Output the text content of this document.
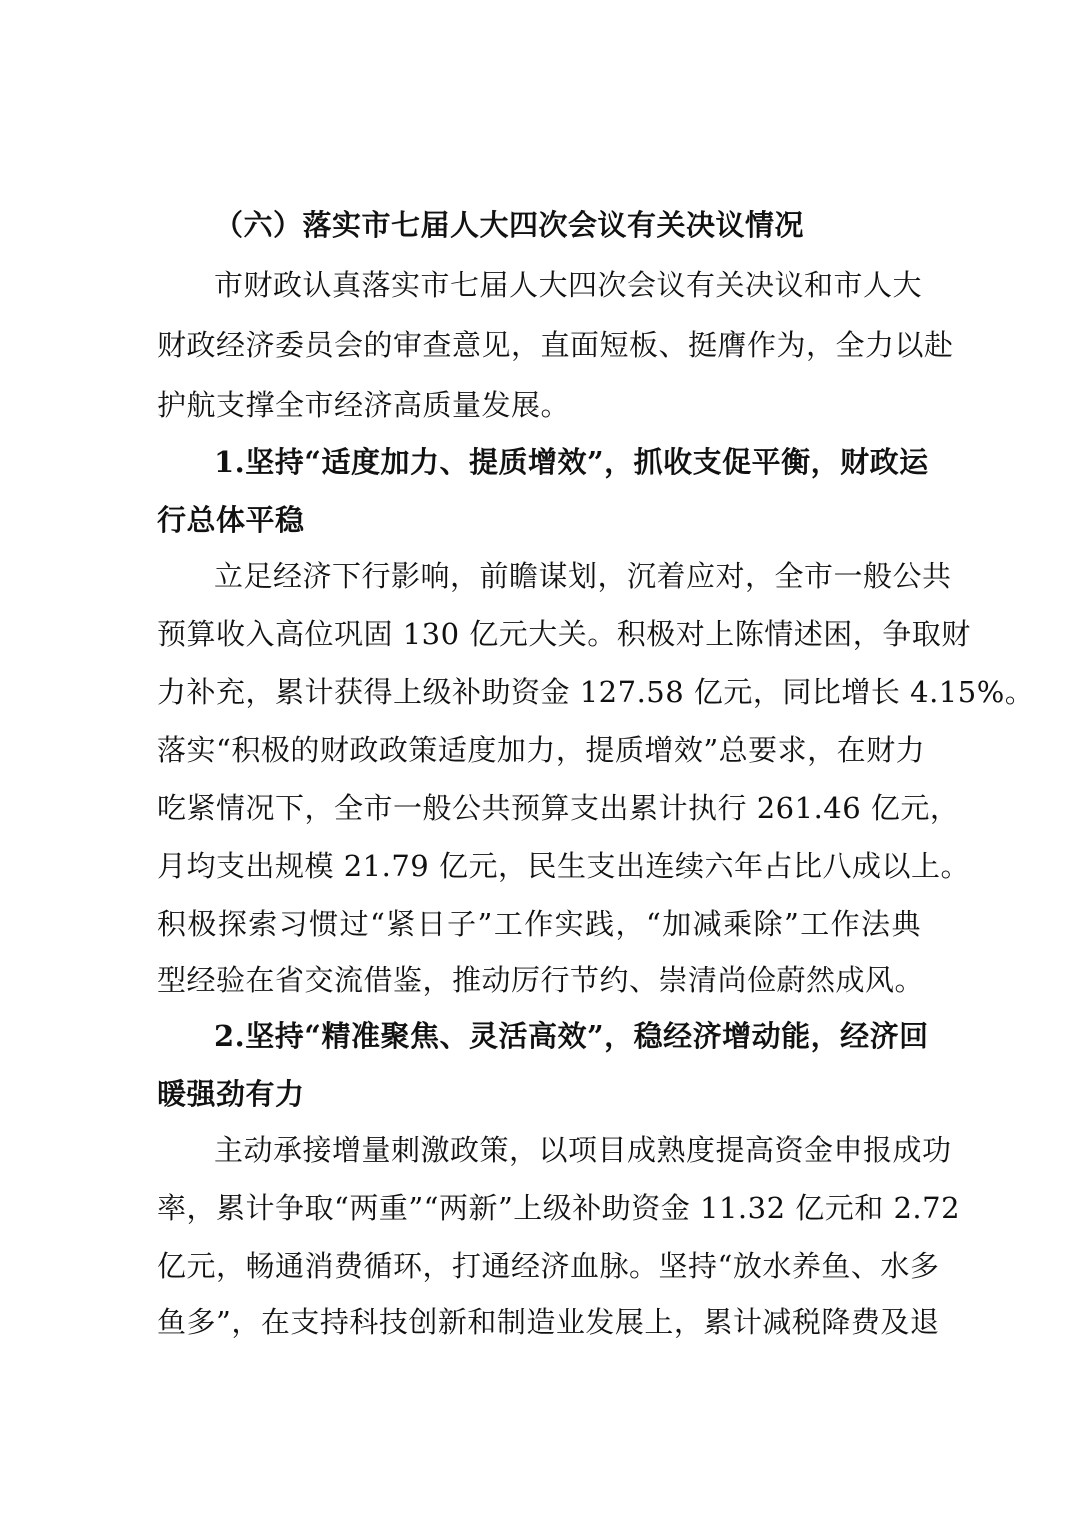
（六）落实市七届人大四次会议有关决议情况
市财政认真落实市七届人大四次会议有关决议和市人大
财政经济委员会的审查意见，直面短板、挺膺作为，全力以赴
护航支撑全市经济高质量发展。
1.坚持“适度加力、提质增效”，抓收支促平衡，财政运
行总体平稳
立足经济下行影响，前瞻谋划，沉着应对，全市一般公共
预算收入高位巩固 130 亿元大关。积极对上陈情述困，争取财
力补充，累计获得上级补助资金 127.58 亿元，同比增长 4.15%。
落实“积极的财政政策适度加力，提质增效”总要求，在财力
吃紧情况下，全市一般公共预算支出累计执行 261.46 亿元，
月均支出规模 21.79 亿元，民生支出连续六年占比八成以上。
积极探索习惯过“紧日子”工作实践，“加减乘除”工作法典
型经验在省交流借鉴，推动厉行节约、崇清尚俭蔚然成风。
2.坚持“精准聚焦、灵活高效”，稳经济增动能，经济回
暖强劲有力
主动承接增量刺激政策，以项目成熟度提高资金申报成功
率，累计争取“两重”“两新”上级补助资金 11.32 亿元和 2.72
亿元，畅通消费循环，打通经济血脉。坚持“放水养鱼、水多
鱼多”，在支持科技创新和制造业发展上，累计减税降费及退
